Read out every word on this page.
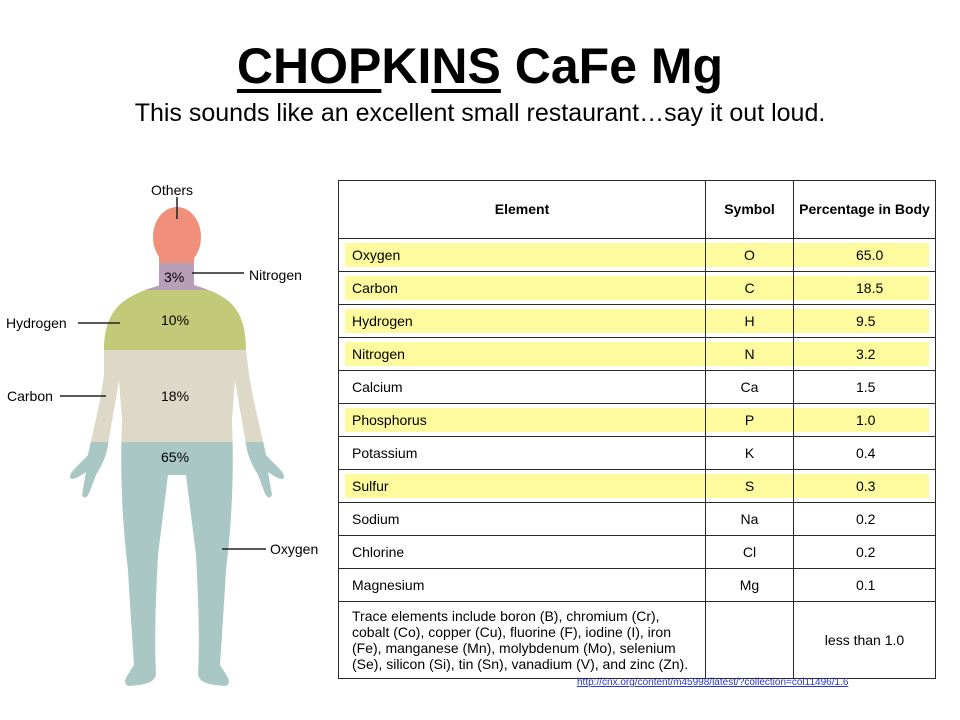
CHOPKINS CaFe Mg
This sounds like an excellent small restaurant…say it out loud.
Others
Nitrogen
Hydrogen
Carbon
Oxygen
3%
10%
18%
65%
Element	Symbol	Percentage in Body

Oxygen	O	65.0

Carbon	C	18.5

Hydrogen	H	9.5

Nitrogen	N	3.2
Calcium	Ca	1.5

Phosphorus	P	1.0
Potassium	K	0.4

Sulfur	S	0.3
Sodium	Na	0.2
Chlorine	Cl	0.2
Magnesium	Mg	0.1
Trace elements include boron (B), chromium (Cr), cobalt (Co), copper (Cu), fluorine (F), iodine (I), iron (Fe), manganese (Mn), molybdenum (Mo), selenium (Se), silicon (Si), tin (Sn), vanadium (V), and zinc (Zn).		less than 1.0
http://cnx.org/content/m45998/latest/?collection=col11496/1.6
